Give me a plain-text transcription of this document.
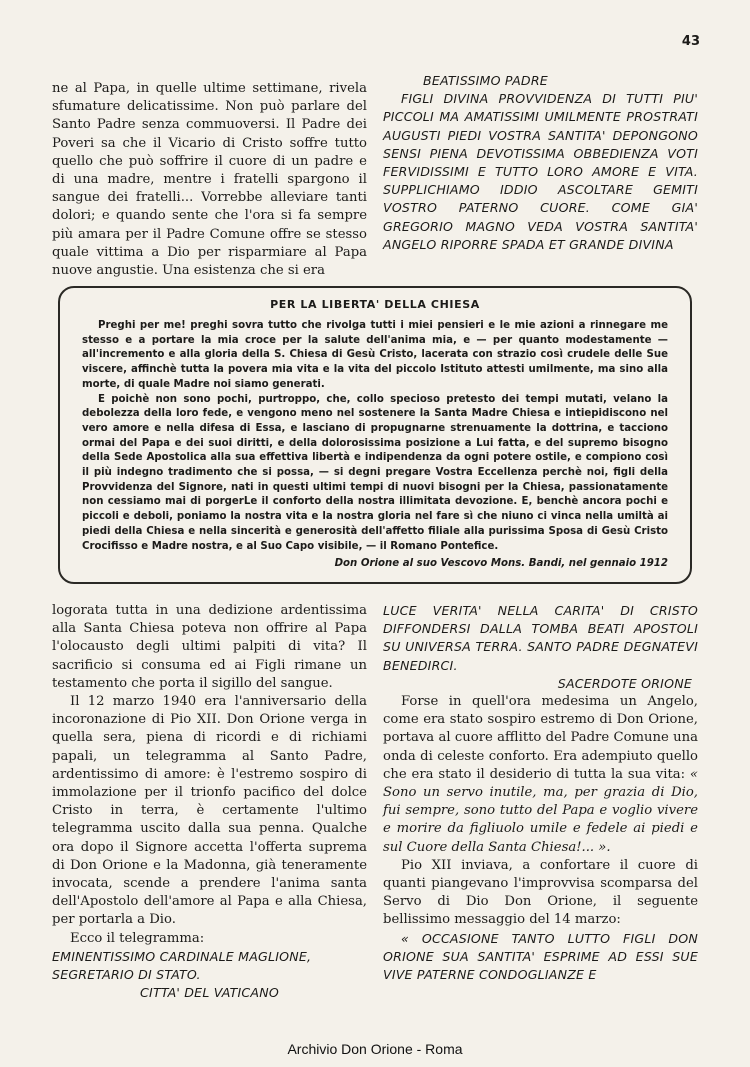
43

ne al Papa, in quelle ultime settimane, rivela sfumature delicatissime. Non può parlare del Santo Padre senza commuoversi. Il Padre dei Poveri sa che il Vicario di Cristo soffre tutto quello che può soffrire il cuore di un padre e di una madre, mentre i fratelli spargono il sangue dei fratelli... Vorrebbe alleviare tanti dolori; e quando sente che l'ora si fa sempre più amara per il Padre Comune offre se stesso quale vittima a Dio per risparmiare al Papa nuove angustie. Una esistenza che si era

BEATISSIMO PADRE

FIGLI DIVINA PROVVIDENZA DI TUTTI PIU' PICCOLI MA AMATISSIMI UMILMENTE PROSTRATI AUGUSTI PIEDI VOSTRA SANTITA' DEPONGONO SENSI PIENA DEVOTISSIMA OBBEDIENZA VOTI FERVIDISSIMI E TUTTO LORO AMORE E VITA. SUPPLICHIAMO IDDIO ASCOLTARE GEMITI VOSTRO PATERNO CUORE. COME GIA' GREGORIO MAGNO VEDA VOSTRA SANTITA' ANGELO RIPORRE SPADA ET GRANDE DIVINA

PER LA LIBERTA' DELLA CHIESA

Preghi per me! preghi sovra tutto che rivolga tutti i miei pensieri e le mie azioni a rinnegare me stesso e a portare la mia croce per la salute dell'anima mia, e — per quanto modestamente — all'incremento e alla gloria della S. Chiesa di Gesù Cristo, lacerata con strazio così crudele delle Sue viscere, affinchè tutta la povera mia vita e la vita del piccolo Istituto attesti umilmente, ma sino alla morte, di quale Madre noi siamo generati.

E poichè non sono pochi, purtroppo, che, collo specioso pretesto dei tempi mutati, velano la debolezza della loro fede, e vengono meno nel sostenere la Santa Madre Chiesa e intiepidiscono nel vero amore e nella difesa di Essa, e lasciano di propugnarne strenuamente la dottrina, e tacciono ormai del Papa e dei suoi diritti, e della dolorosissima posizione a Lui fatta, e del supremo bisogno della Sede Apostolica alla sua effettiva libertà e indipendenza da ogni potere ostile, e compiono così il più indegno tradimento che si possa, — si degni pregare Vostra Eccellenza perchè noi, figli della Provvidenza del Signore, nati in questi ultimi tempi di nuovi bisogni per la Chiesa, passionatamente non cessiamo mai di porgerLe il conforto della nostra illimitata devozione. E, benchè ancora pochi e piccoli e deboli, poniamo la nostra vita e la nostra gloria nel fare sì che niuno ci vinca nella umiltà ai piedi della Chiesa e nella sincerità e generosità dell'affetto filiale alla purissima Sposa di Gesù Cristo Crocifisso e Madre nostra, e al Suo Capo visibile, — il Romano Pontefice.

Don Orione al suo Vescovo Mons. Bandi, nel gennaio 1912

logorata tutta in una dedizione ardentissima alla Santa Chiesa poteva non offrire al Papa l'olocausto degli ultimi palpiti di vita? Il sacrificio si consuma ed ai Figli rimane un testamento che porta il sigillo del sangue.

Il 12 marzo 1940 era l'anniversario della incoronazione di Pio XII. Don Orione verga in quella sera, piena di ricordi e di richiami papali, un telegramma al Santo Padre, ardentissimo di amore: è l'estremo sospiro di immolazione per il trionfo pacifico del dolce Cristo in terra, è certamente l'ultimo telegramma uscito dalla sua penna. Qualche ora dopo il Signore accetta l'offerta suprema di Don Orione e la Madonna, già teneramente invocata, scende a prendere l'anima santa dell'Apostolo dell'amore al Papa e alla Chiesa, per portarla a Dio.

Ecco il telegramma:

EMINENTISSIMO CARDINALE MAGLIONE, SEGRETARIO DI STATO.

CITTA' DEL VATICANO

LUCE VERITA' NELLA CARITA' DI CRISTO DIFFONDERSI DALLA TOMBA BEATI APOSTOLI SU UNIVERSA TERRA. SANTO PADRE DEGNATEVI BENEDIRCI.

SACERDOTE ORIONE

Forse in quell'ora medesima un Angelo, come era stato sospiro estremo di Don Orione, portava al cuore afflitto del Padre Comune una onda di celeste conforto. Era adempiuto quello che era stato il desiderio di tutta la sua vita: « Sono un servo inutile, ma, per grazia di Dio, fui sempre, sono tutto del Papa e voglio vivere e morire da figliuolo umile e fedele ai piedi e sul Cuore della Santa Chiesa!... ».

Pio XII inviava, a confortare il cuore di quanti piangevano l'improvvisa scomparsa del Servo di Dio Don Orione, il seguente bellissimo messaggio del 14 marzo:

« OCCASIONE TANTO LUTTO FIGLI DON ORIONE SUA SANTITA' ESPRIME AD ESSI SUE VIVE PATERNE CONDOGLIANZE E

Archivio Don Orione - Roma
